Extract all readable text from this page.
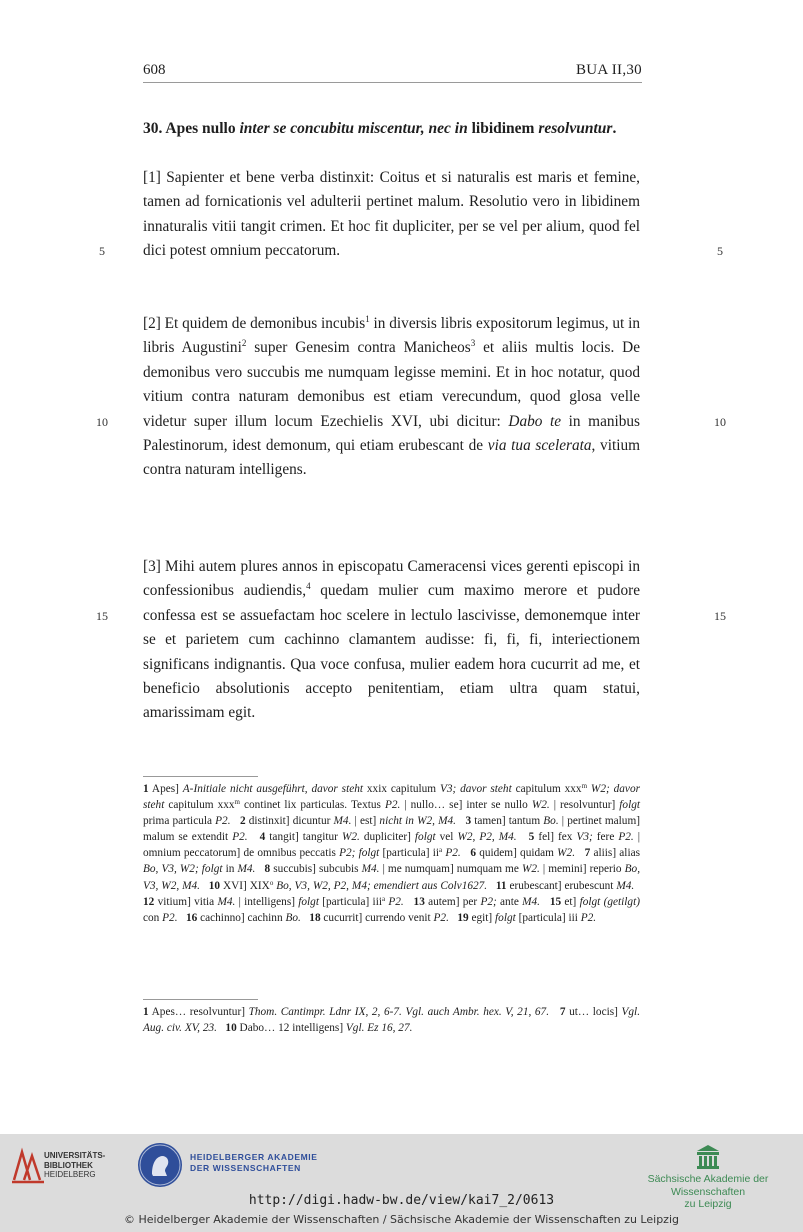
608	BUA II,30
30. Apes nullo inter se concubitu miscentur, nec in libidinem resolvuntur.
[1] Sapienter et bene verba distinxit: Coitus et si naturalis est maris et femine, tamen ad fornicationis vel adulterii pertinet malum. Resolutio vero in libidinem innaturalis vitii tangit crimen. Et hoc fit dupliciter, per se vel per alium, quod fel dici potest omnium peccatorum.
[2] Et quidem de demonibus incubis$^1$ in diversis libris expositorum legimus, ut in libris Augustini$^2$ super Genesim contra Manicheos$^3$ et aliis multis locis. De demonibus vero succubis me numquam legisse memini. Et in hoc notatur, quod vitium contra naturam demonibus est etiam verecundum, quod glosa velle videtur super illum locum Ezechielis XVI, ubi dicitur: Dabo te in manibus Palestinorum, idest demonum, qui etiam erubescant de via tua scelerata, vitium contra naturam intelligens.
[3] Mihi autem plures annos in episcopatu Cameracensi vices gerenti episcopi in confessionibus audiendis,$^4$ quedam mulier cum maximo merore et pudore confessa est se assuefactam hoc scelere in lectulo lascivisse, demonemque inter se et parietem cum cachinno clamantem audisse: fi, fi, fi, interiectionem significans indignantis. Qua voce confusa, mulier eadem hora cucurrit ad me, et beneficio absolutionis accepto penitentiam, etiam ultra quam statui, amarissimam egit.
5	5
10	10
15	15
1 Apes] A-Initiale nicht ausgeführt, davor steht xxix capitulum V3; davor steht capitulum xxx$^m$ W2; davor steht capitulum xxx$^m$ continet lix particulas. Textus P2. | nullo… se] inter se nullo W2. | resolvuntur] folgt prima particula P2. 2 distinxit] dicuntur M4. | est] nicht in W2, M4. 3 tamen] tantum Bo. | pertinet malum] malum se extendit P2. 4 tangit] tangitur W2. dupliciter] folgt vel W2, P2, M4. 5 fel] fex V3; fere P2. | omnium peccatorum] de omnibus peccatis P2; folgt [particula] $ii^a$ P2. 6 quidem] quidam W2. 7 aliis] alias Bo, V3, W2; folgt in M4. 8 succubis] subcubis M4. | me numquam] numquam me W2. | memini] reperio Bo, V3, W2, M4. 10 XVI] XIX$^o$ Bo, V3, W2, P2, M4; emendiert aus Colv1627. 11 erubescant] erubescunt M4.   12 vitium] vitia M4. | intelligens] folgt [particula] iii$^a$ P2. 13 autem] per P2; ante M4. 15 et] folgt (getilgt) con P2. 16 cachinno] cachinn Bo. 18 cucurrit] currendo venit P2. 19 egit] folgt [particula] iii P2.
1 Apes… resolvuntur] Thom. Cantimpr. Ldnr IX, 2, 6-7. Vgl. auch Ambr. hex. V, 21, 67. 7 ut… locis] Vgl. Aug. civ. XV, 23. 10 Dabo… 12 intelligens] Vgl. Ez 16, 27.
UNIVERSITÄTS-
BIBLIOTHEK
HEIDELBERG
HEIDELBERGER AKADEMIE
DER WISSENSCHAFTEN
Sächsische Akademie der Wissenschaften
zu Leipzig
http://digi.hadw-bw.de/view/kai7_2/0613
© Heidelberger Akademie der Wissenschaften / Sächsische Akademie der Wissenschaften zu Leipzig
